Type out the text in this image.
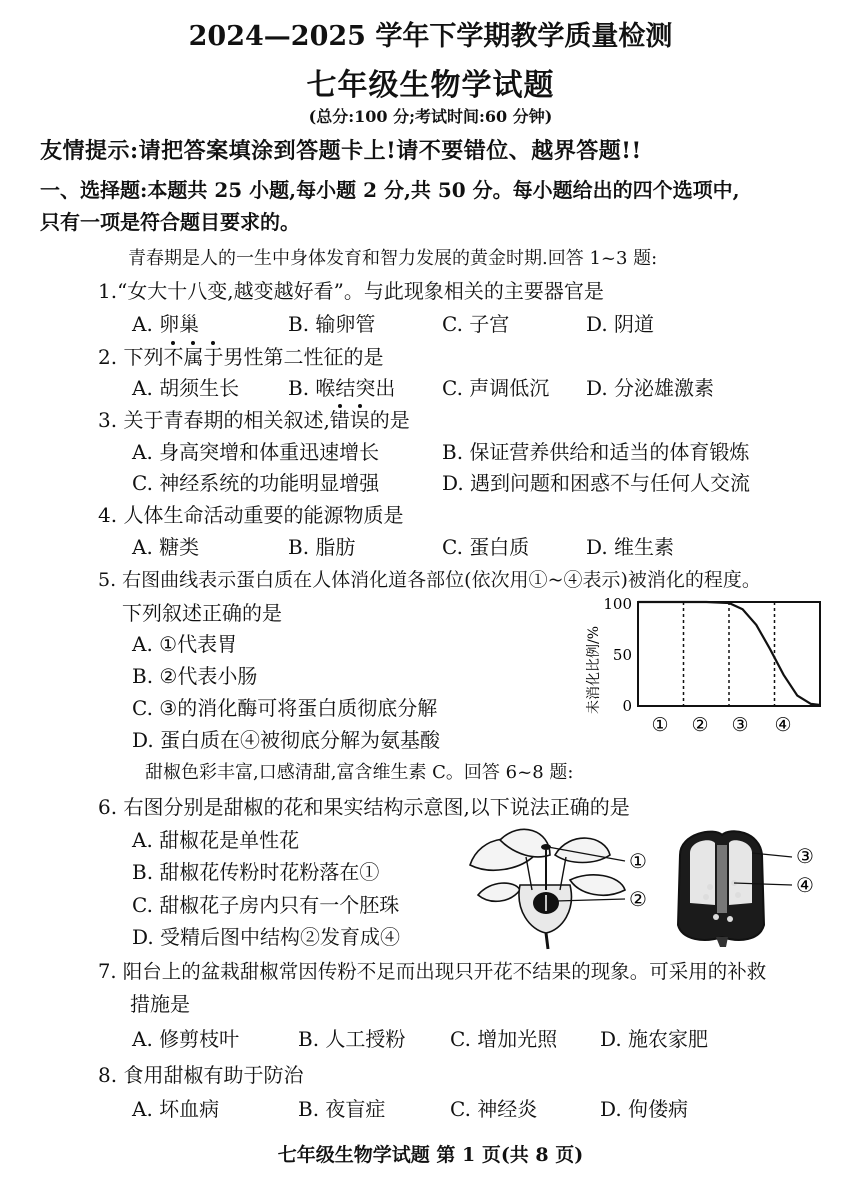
2024—2025 学年下学期教学质量检测
七年级生物学试题
(总分:100 分;考试时间:60 分钟)
友情提示:请把答案填涂到答题卡上!请不要错位、越界答题!!
一、选择题:本题共 25 小题,每小题 2 分,共 50 分。每小题给出的四个选项中,
只有一项是符合题目要求的。
青春期是人的一生中身体发育和智力发展的黄金时期.回答 1~3 题:
1.“女大十八变,越变越好看”。与此现象相关的主要器官是
A. 卵巢	B. 输卵管	C. 子宫	D. 阴道
2. 下列不属于男性第二性征的是
A. 胡须生长 B. 喉结突出 C. 声调低沉 D. 分泌雄激素
3. 关于青春期的相关叙述,错误的是
A. 身高突增和体重迅速增长	B. 保证营养供给和适当的体育锻炼
C. 神经系统的功能明显增强	D. 遇到问题和困惑不与任何人交流
4. 人体生命活动重要的能源物质是
A. 糖类	B. 脂肪	C. 蛋白质	D. 维生素
5. 右图曲线表示蛋白质在人体消化道各部位(依次用①~④表示)被消化的程度。
下列叙述正确的是
A. ①代表胃
B. ②代表小肠
C. ③的消化酶可将蛋白质彻底分解
D. 蛋白质在④被彻底分解为氨基酸
未消化比例/%
100
50
0
① ② ③ ④
甜椒色彩丰富,口感清甜,富含维生素 C。回答 6~8 题:
6. 右图分别是甜椒的花和果实结构示意图,以下说法正确的是
A. 甜椒花是单性花
B. 甜椒花传粉时花粉落在①
C. 甜椒花子房内只有一个胚珠
D. 受精后图中结构②发育成④
①
②
③
④
7. 阳台上的盆栽甜椒常因传粉不足而出现只开花不结果的现象。可采用的补救
措施是
A. 修剪枝叶	B. 人工授粉 C. 增加光照 D. 施农家肥
8. 食用甜椒有助于防治
A. 坏血病	B. 夜盲症	C. 神经炎	D. 佝偻病
七年级生物学试题 第 1 页(共 8 页)
